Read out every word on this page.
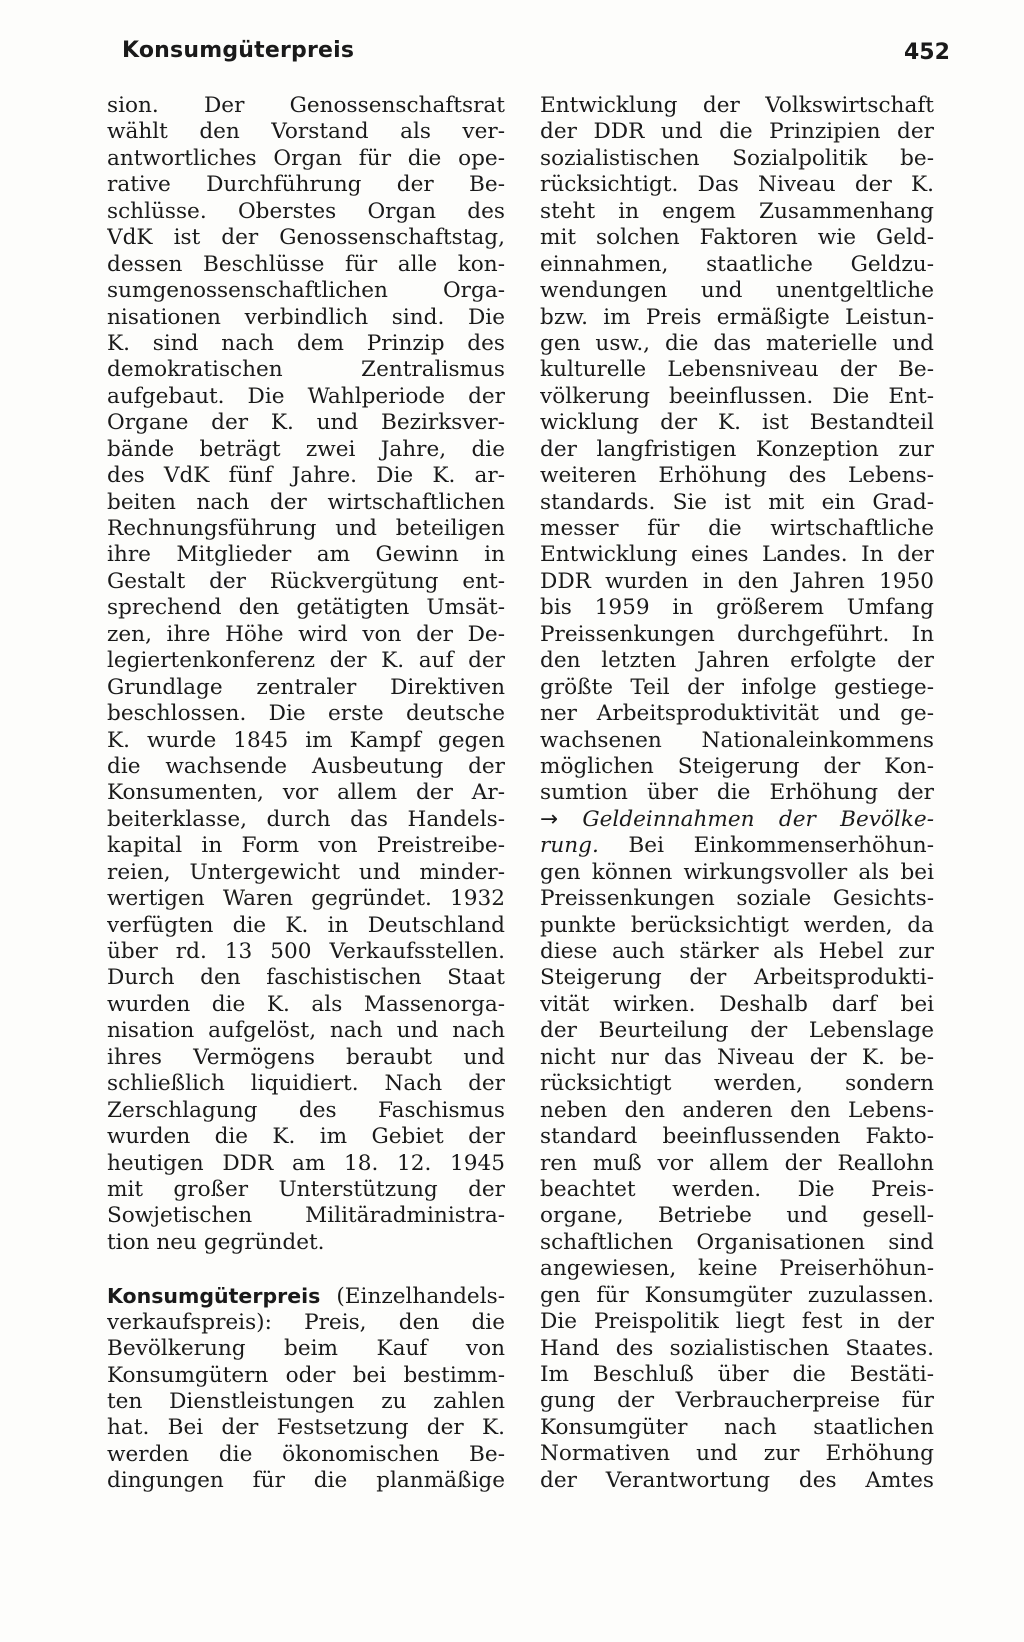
Konsumgüterpreis	452
sion. Der Genossenschaftsrat
wählt den Vorstand als ver-
antwortliches Organ für die ope-
rative Durchführung der Be-
schlüsse. Oberstes Organ des
VdK ist der Genossenschaftstag,
dessen Beschlüsse für alle kon-
sumgenossenschaftlichen Orga-
nisationen verbindlich sind. Die
K. sind nach dem Prinzip des
demokratischen Zentralismus
aufgebaut. Die Wahlperiode der
Organe der K. und Bezirksver-
bände beträgt zwei Jahre, die
des VdK fünf Jahre. Die K. ar-
beiten nach der wirtschaftlichen
Rechnungsführung und beteiligen
ihre Mitglieder am Gewinn in
Gestalt der Rückvergütung ent-
sprechend den getätigten Umsät-
zen, ihre Höhe wird von der De-
legiertenkonferenz der K. auf der
Grundlage zentraler Direktiven
beschlossen. Die erste deutsche
K. wurde 1845 im Kampf gegen
die wachsende Ausbeutung der
Konsumenten, vor allem der Ar-
beiterklasse, durch das Handels-
kapital in Form von Preistreibe-
reien, Untergewicht und minder-
wertigen Waren gegründet. 1932
verfügten die K. in Deutschland
über rd. 13 500 Verkaufsstellen.
Durch den faschistischen Staat
wurden die K. als Massenorga-
nisation aufgelöst, nach und nach
ihres Vermögens beraubt und
schließlich liquidiert. Nach der
Zerschlagung des Faschismus
wurden die K. im Gebiet der
heutigen DDR am 18. 12. 1945
mit großer Unterstützung der
Sowjetischen Militäradministra-
tion neu gegründet.
Konsumgüterpreis (Einzelhandels-
verkaufspreis): Preis, den die
Bevölkerung beim Kauf von
Konsumgütern oder bei bestimm-
ten Dienstleistungen zu zahlen
hat. Bei der Festsetzung der K.
werden die ökonomischen Be-
dingungen für die planmäßige
Entwicklung der Volkswirtschaft
der DDR und die Prinzipien der
sozialistischen Sozialpolitik be-
rücksichtigt. Das Niveau der K.
steht in engem Zusammenhang
mit solchen Faktoren wie Geld-
einnahmen, staatliche Geldzu-
wendungen und unentgeltliche
bzw. im Preis ermäßigte Leistun-
gen usw., die das materielle und
kulturelle Lebensniveau der Be-
völkerung beeinflussen. Die Ent-
wicklung der K. ist Bestandteil
der langfristigen Konzeption zur
weiteren Erhöhung des Lebens-
standards. Sie ist mit ein Grad-
messer für die wirtschaftliche
Entwicklung eines Landes. In der
DDR wurden in den Jahren 1950
bis 1959 in größerem Umfang
Preissenkungen durchgeführt. In
den letzten Jahren erfolgte der
größte Teil der infolge gestiege-
ner Arbeitsproduktivität und ge-
wachsenen Nationaleinkommens
möglichen Steigerung der Kon-
sumtion über die Erhöhung der
→ Geldeinnahmen der Bevölke-
rung. Bei Einkommenserhöhun-
gen können wirkungsvoller als bei
Preissenkungen soziale Gesichts-
punkte berücksichtigt werden, da
diese auch stärker als Hebel zur
Steigerung der Arbeitsprodukti-
vität wirken. Deshalb darf bei
der Beurteilung der Lebenslage
nicht nur das Niveau der K. be-
rücksichtigt werden, sondern
neben den anderen den Lebens-
standard beeinflussenden Fakto-
ren muß vor allem der Reallohn
beachtet werden. Die Preis-
organe, Betriebe und gesell-
schaftlichen Organisationen sind
angewiesen, keine Preiserhöhun-
gen für Konsumgüter zuzulassen.
Die Preispolitik liegt fest in der
Hand des sozialistischen Staates.
Im Beschluß über die Bestäti-
gung der Verbraucherpreise für
Konsumgüter nach staatlichen
Normativen und zur Erhöhung
der Verantwortung des Amtes
